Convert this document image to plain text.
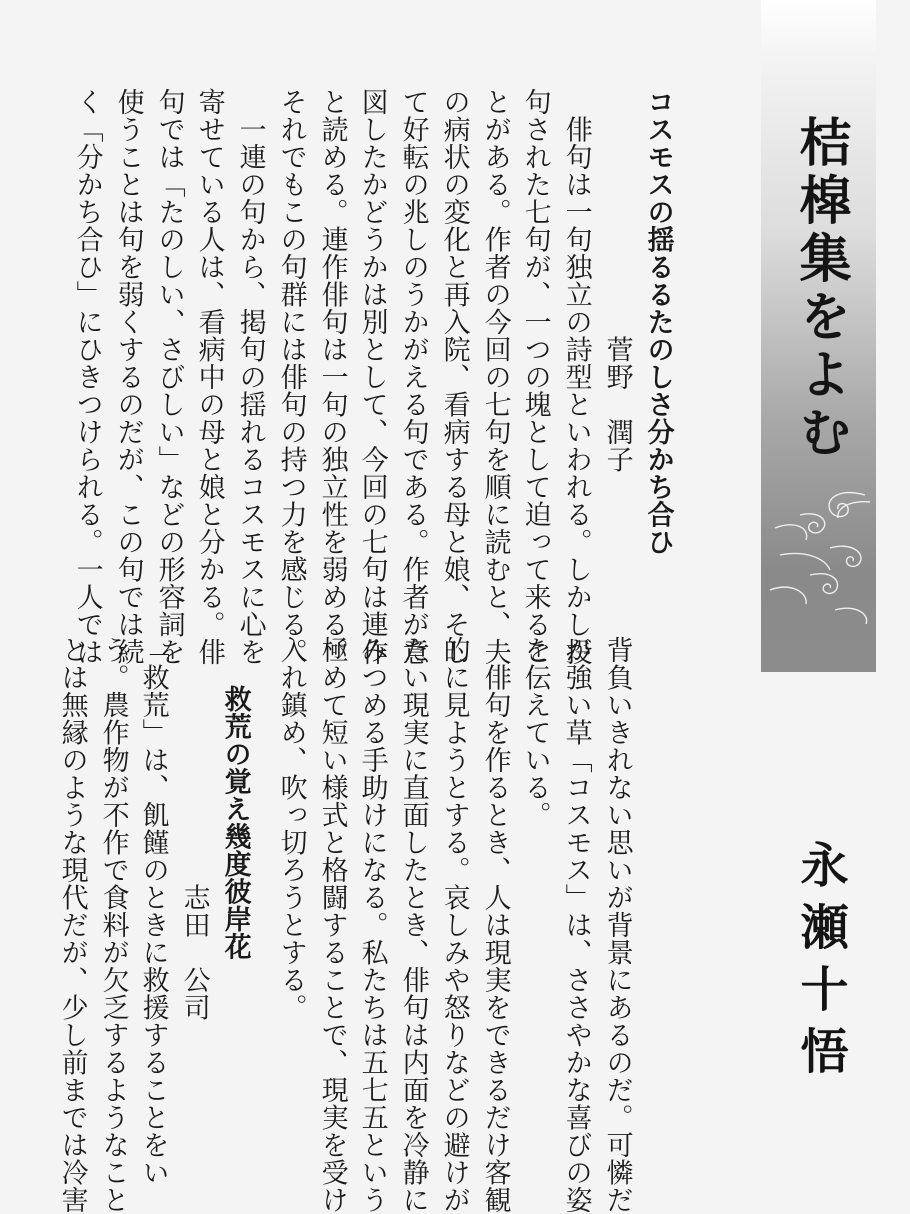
桔槹集をよむ
永瀬十悟
コスモスの揺るるたのしさ分かち合ひ
　　　　　　　　　菅野　潤子
　俳句は一句独立の詩型といわれる。しかし投
句された七句が、一つの塊として迫って来るこ
とがある。作者の今回の七句を順に読むと、夫
の病状の変化と再入院、看病する母と娘、そし
て好転の兆しのうかがえる句である。作者が意
図したかどうかは別として、今回の七句は連作
と読める。連作俳句は一句の独立性を弱める。
それでもこの句群には俳句の持つ力を感じる。
　一連の句から、掲句の揺れるコスモスに心を
寄せている人は、看病中の母と娘と分かる。俳
句では「たのしい、さびしい」などの形容詞を
使うことは句を弱くするのだが、この句では続
く「分かち合ひ」にひきつけられる。一人では
背負いきれない思いが背景にあるのだ。可憐だ
が強い草「コスモス」は、ささやかな喜びの姿
を伝えている。
　俳句を作るとき、人は現実をできるだけ客観
的に見ようとする。哀しみや怒りなどの避けが
たい現実に直面したとき、俳句は内面を冷静に
みつめる手助けになる。私たちは五七五という
極めて短い様式と格闘することで、現実を受け
入れ鎮め、吹っ切ろうとする。
救荒の覚え幾度彼岸花
　　　　　　　　　志田　公司
「救荒」は、飢饉のときに救援することをい
う。農作物が不作で食料が欠乏するようなこと
とは無縁のような現代だが、少し前までは冷害
